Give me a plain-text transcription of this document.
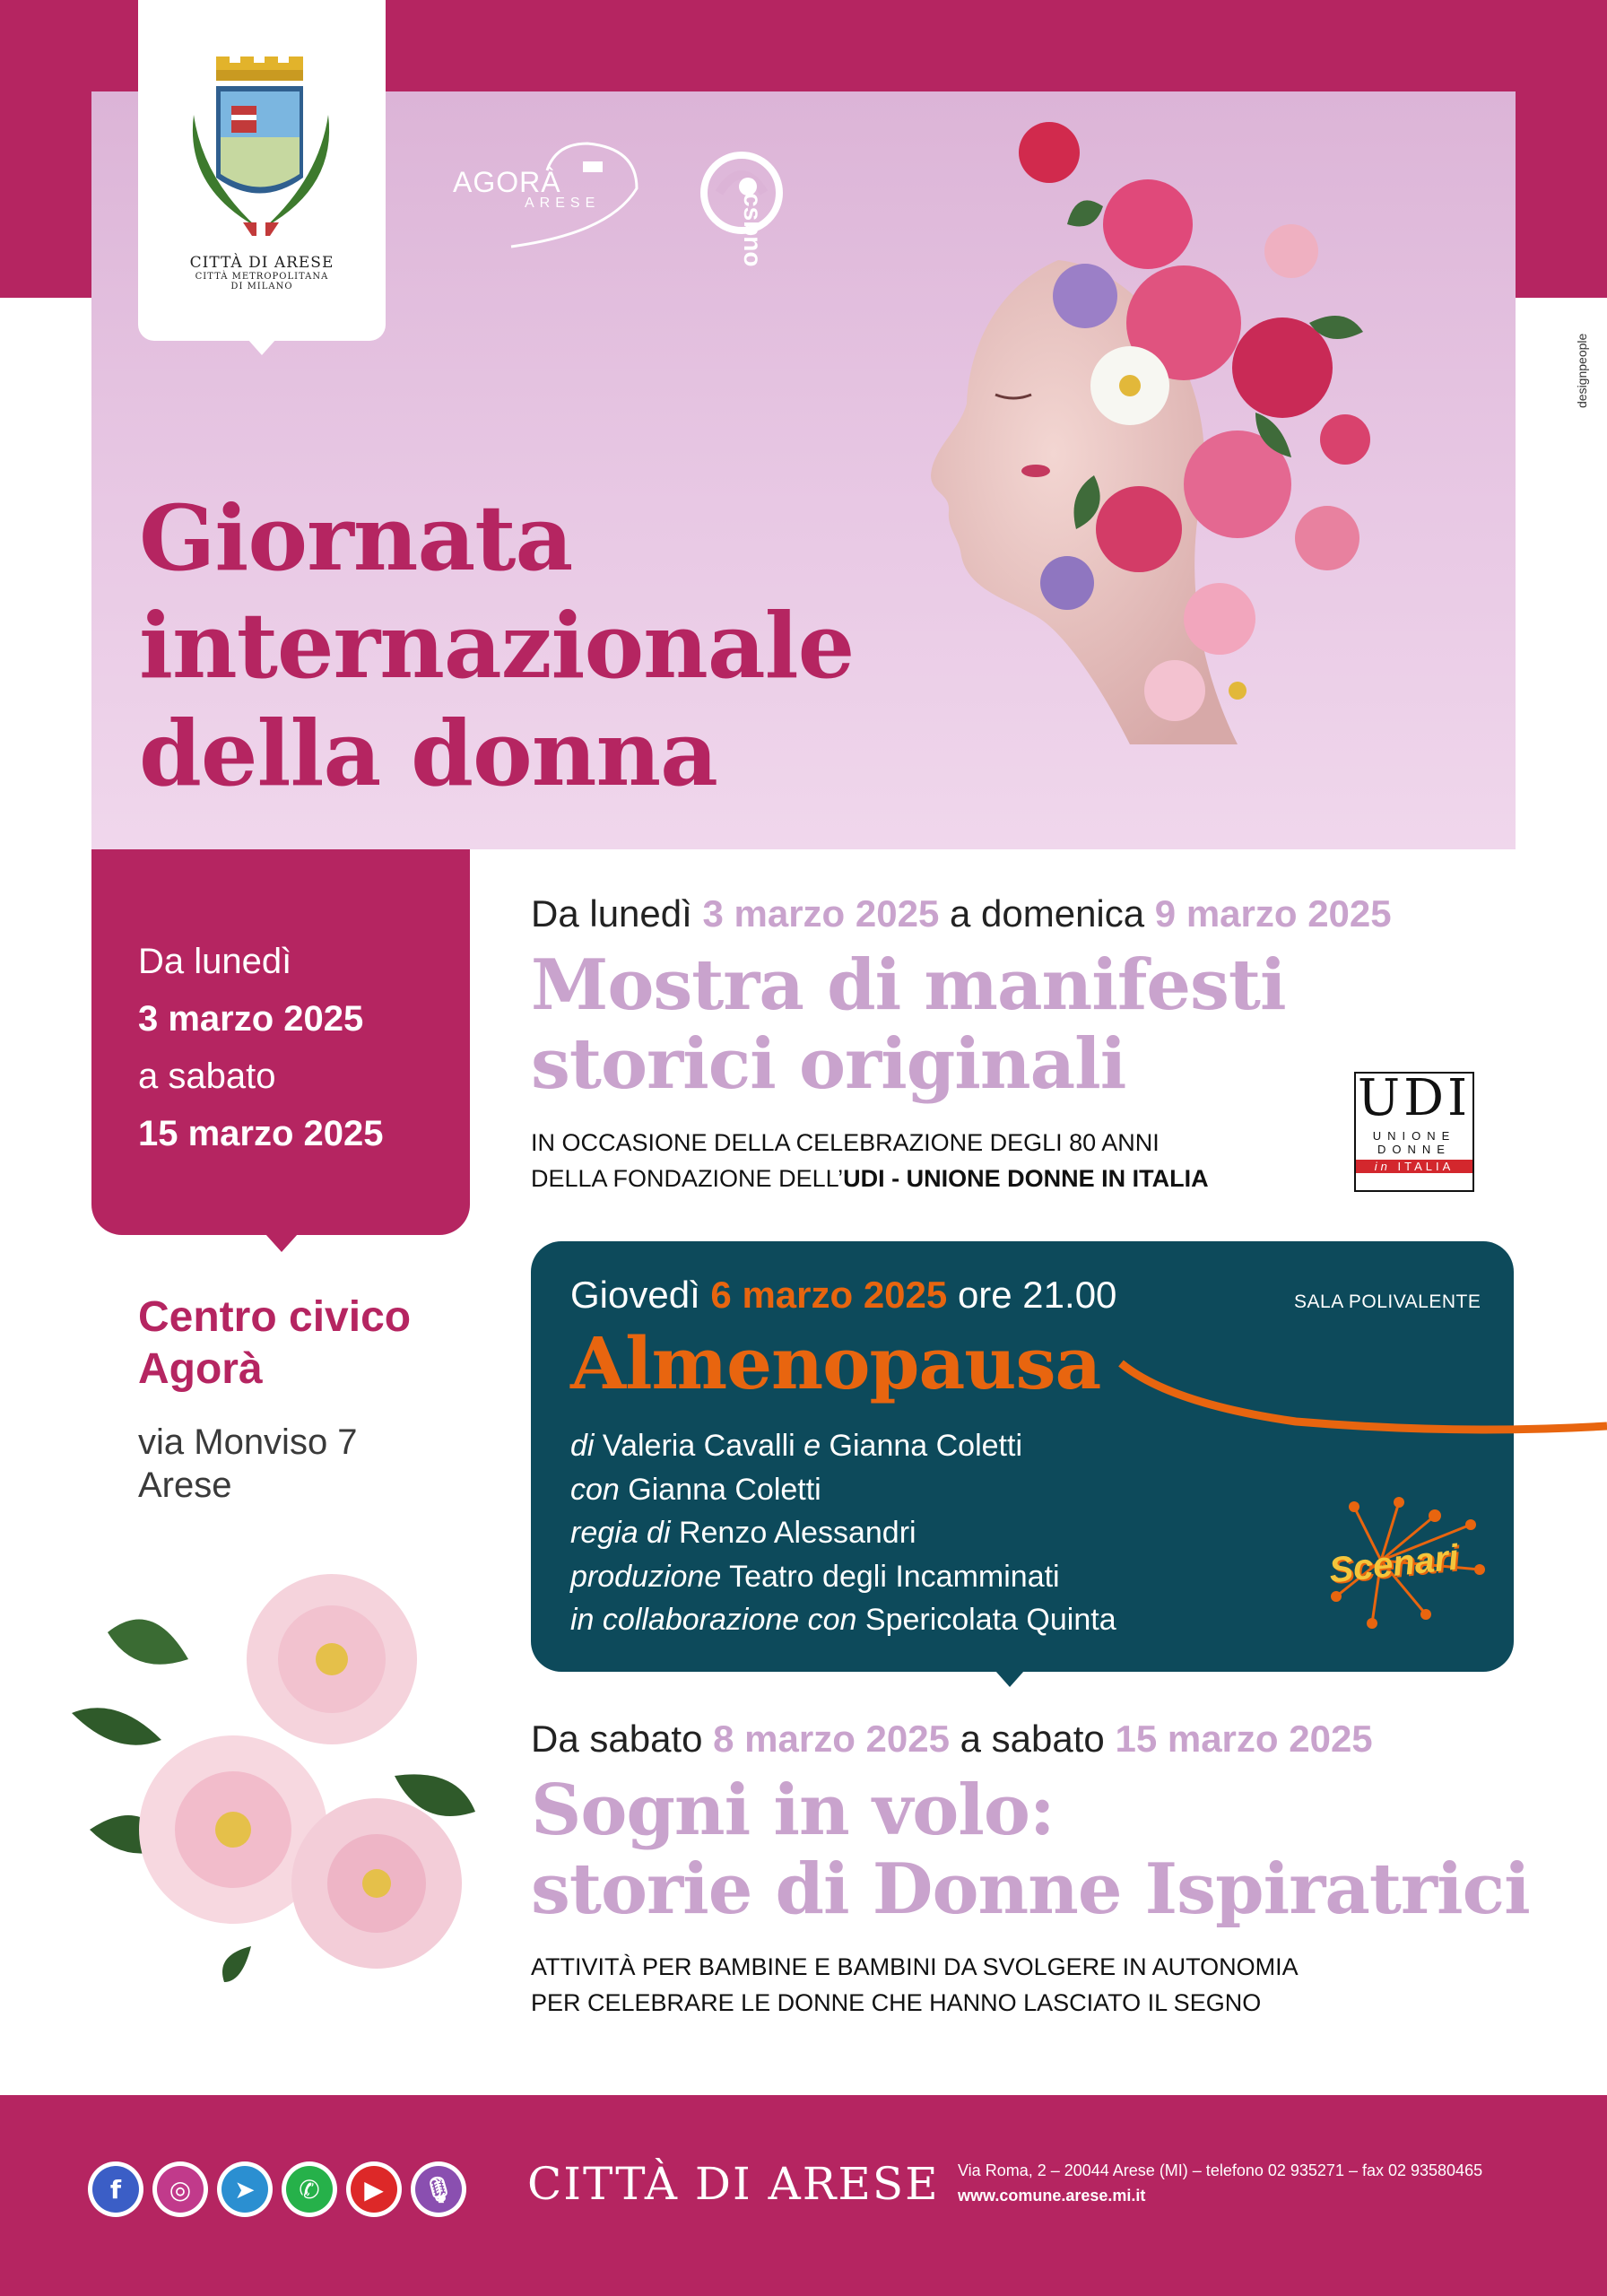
CITTÀ DI ARESE
CITTÀ METROPOLITANA
DI MILANO
AGORÀ
ARESE	csbno
designpeople
Giornata
internazionale
della donna
Da lunedì
3 marzo 2025
a sabato
15 marzo 2025
Centro civico
Agorà
via Monviso 7
Arese
Da lunedì 3 marzo 2025 a domenica 9 marzo 2025
Mostra di manifesti
storici originali
IN OCCASIONE DELLA CELEBRAZIONE DEGLI 80 ANNI
DELLA FONDAZIONE DELL’UDI - UNIONE DONNE IN ITALIA
UDI
UNIONE
DONNE
in ITALIA
Giovedì 6 marzo 2025 ore 21.00	SALA POLIVALENTE
Almenopausa
di Valeria Cavalli e Gianna Coletti
con Gianna Coletti
regia di Renzo Alessandri
produzione Teatro degli Incamminati
in collaborazione con Spericolata Quinta
Scenari
Da sabato 8 marzo 2025 a sabato 15 marzo 2025
Sogni in volo:
storie di Donne Ispiratrici
ATTIVITÀ PER BAMBINE E BAMBINI DA SVOLGERE IN AUTONOMIA
PER CELEBRARE LE DONNE CHE HANNO LASCIATO IL SEGNO
f	◎	➤	✆	▶	🎙 CITTÀ DI ARESE Via Roma, 2 – 20044 Arese (MI) – telefono 02 935271 – fax 02 93580465
www.comune.arese.mi.it
